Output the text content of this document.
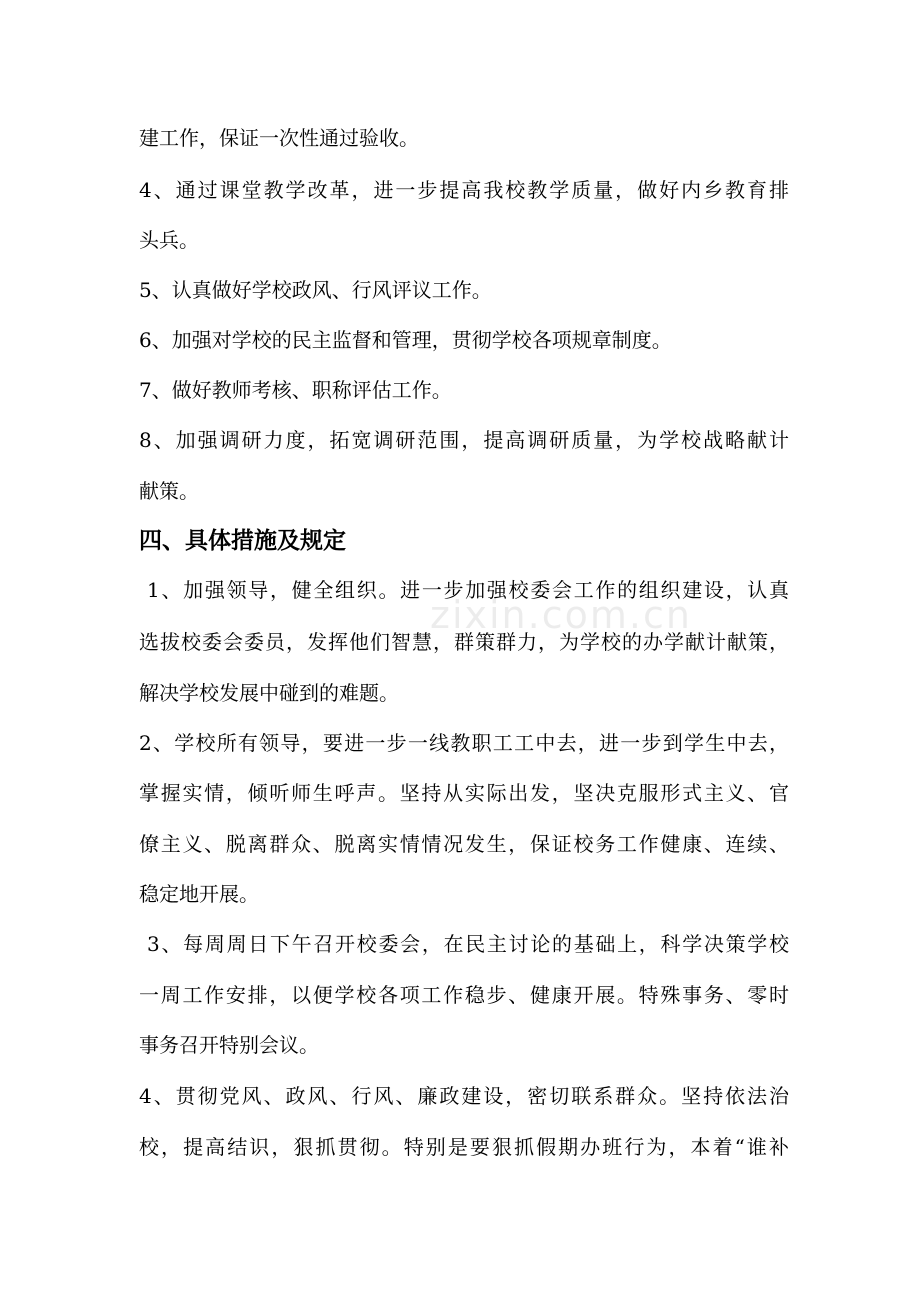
建工作，保证一次性通过验收。
4、通过课堂教学改革，进一步提高我校教学质量，做好内乡教育排
头兵。
5、认真做好学校政风、行风评议工作。
6、加强对学校的民主监督和管理，贯彻学校各项规章制度。
7、做好教师考核、职称评估工作。
8、加强调研力度，拓宽调研范围，提高调研质量，为学校战略献计
献策。
四、具体措施及规定
1、加强领导，健全组织。进一步加强校委会工作的组织建设，认真
选拔校委会委员，发挥他们智慧，群策群力，为学校的办学献计献策，
解决学校发展中碰到的难题。
2、学校所有领导，要进一步一线教职工工中去，进一步到学生中去，
掌握实情，倾听师生呼声。坚持从实际出发，坚决克服形式主义、官
僚主义、脱离群众、脱离实情情况发生，保证校务工作健康、连续、
稳定地开展。
3、每周周日下午召开校委会，在民主讨论的基础上，科学决策学校
一周工作安排，以便学校各项工作稳步、健康开展。特殊事务、零时
事务召开特别会议。
4、贯彻党风、政风、行风、廉政建设，密切联系群众。坚持依法治
校，提高结识，狠抓贯彻。特别是要狠抓假期办班行为，本着“谁补
zixin.com.cn
